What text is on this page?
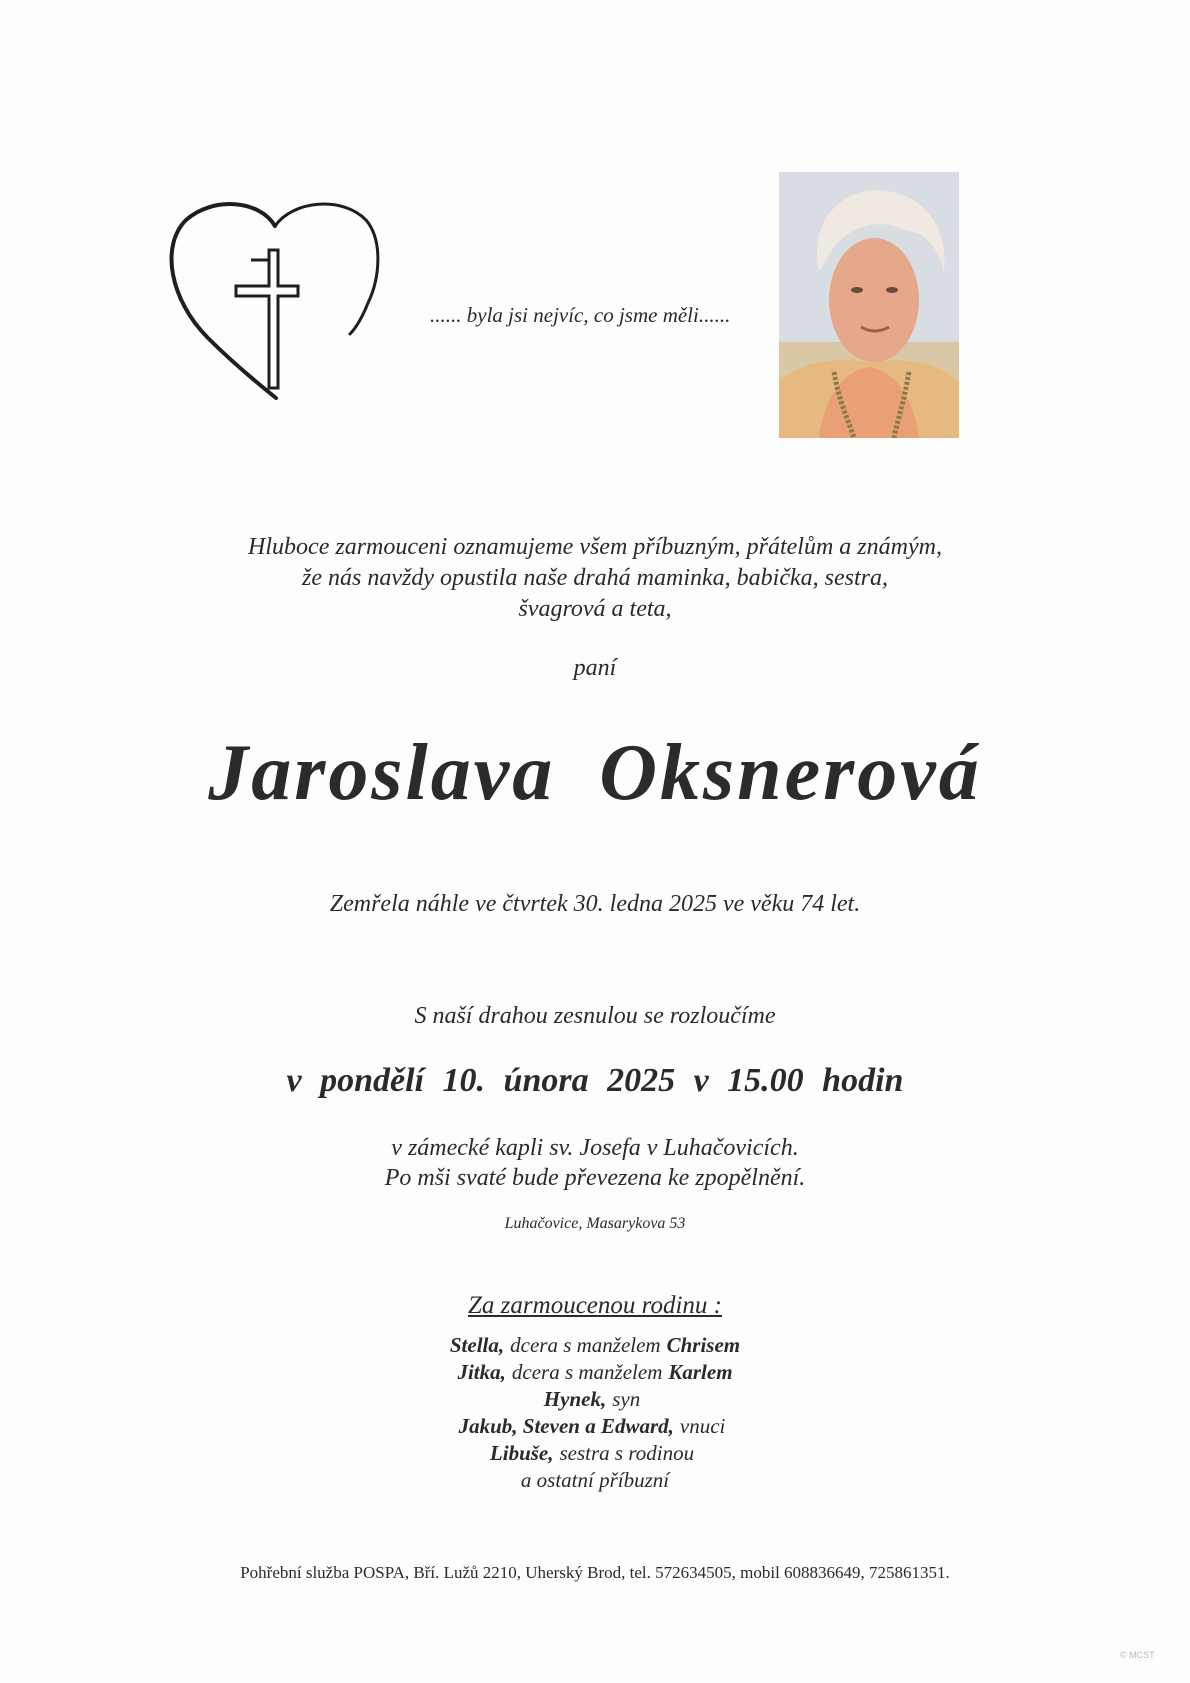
...... byla jsi nejvíc, co jsme měli......
Hluboce zarmouceni oznamujeme všem příbuzným, přátelům a známým,
že nás navždy opustila naše drahá maminka, babička, sestra,
švagrová a teta,
paní
Jaroslava Oksnerová
Zemřela náhle ve čtvrtek 30. ledna 2025 ve věku 74 let.
S naší drahou zesnulou se rozloučíme
v pondělí 10. února 2025 v 15.00 hodin
v zámecké kapli sv. Josefa v Luhačovicích.
Po mši svaté bude převezena ke zpopělnění.
Luhačovice, Masarykova 53
Za zarmoucenou rodinu :
Stella, dcera s manželem Chrisem
Jitka, dcera s manželem Karlem
Hynek, syn
Jakub, Steven a Edward, vnuci
Libuše, sestra s rodinou
a ostatní příbuzní
Pohřební služba POSPA, Bří. Lužů 2210, Uherský Brod, tel. 572634505, mobil 608836649, 725861351.
© MCST
